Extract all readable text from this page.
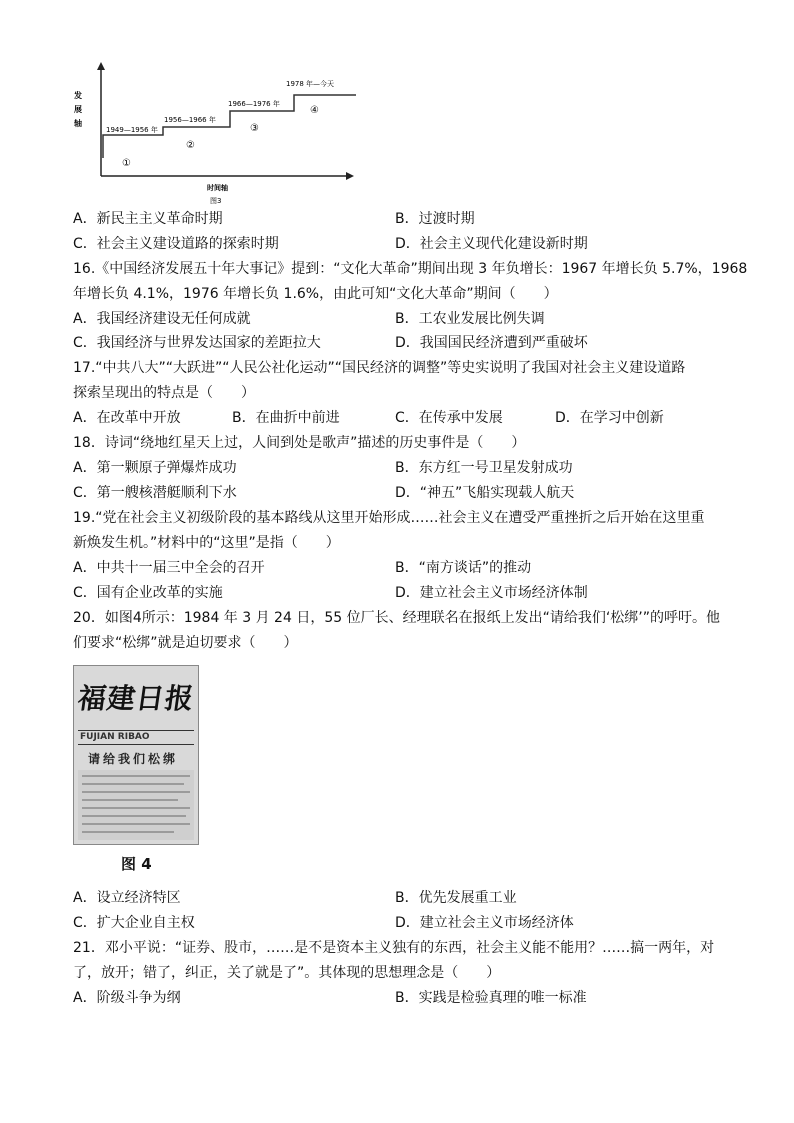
发
展
轴
1949—1956 年
1956—1966 年
1966—1976 年
1978 年—今天
①
②
③
④
时间轴
图3
A．新民主主义革命时期	B．过渡时期
C．社会主义建设道路的探索时期	D．社会主义现代化建设新时期
16.《中国经济发展五十年大事记》提到：“文化大革命”期间出现 3 年负增长：1967 年增长负 5.7%，1968
年增长负 4.1%，1976 年增长负 1.6%，由此可知“文化大革命”期间（　　）
A．我国经济建设无任何成就	B．工农业发展比例失调
C．我国经济与世界发达国家的差距拉大	D．我国国民经济遭到严重破坏
17.“中共八大”“大跃进”“人民公社化运动”“国民经济的调整”等史实说明了我国对社会主义建设道路
探索呈现出的特点是（　　）
A．在改革中开放	B．在曲折中前进	C．在传承中发展	D．在学习中创新
18．诗词“绕地红星天上过，人间到处是歌声”描述的历史事件是（　　）
A．第一颗原子弹爆炸成功	B．东方红一号卫星发射成功
C．第一艘核潜艇顺利下水	D．“神五”飞船实现载人航天
19.“党在社会主义初级阶段的基本路线从这里开始形成……社会主义在遭受严重挫折之后开始在这里重
新焕发生机。”材料中的“这里”是指（　　）
A．中共十一届三中全会的召开	B．“南方谈话”的推动
C．国有企业改革的实施	D．建立社会主义市场经济体制
20．如图4所示：1984 年 3 月 24 日，55 位厂长、经理联名在报纸上发出“请给我们‘松绑’”的呼吁。他
们要求“松绑”就是迫切要求（　　）
福建日报
FUJIAN RIBAO
请给我们松绑
图 4
A．设立经济特区	B．优先发展重工业
C．扩大企业自主权	D．建立社会主义市场经济体
21．邓小平说：“证券、股市，……是不是资本主义独有的东西，社会主义能不能用？……搞一两年，对
了，放开；错了，纠正，关了就是了”。其体现的思想理念是（　　）
A．阶级斗争为纲	B．实践是检验真理的唯一标准
